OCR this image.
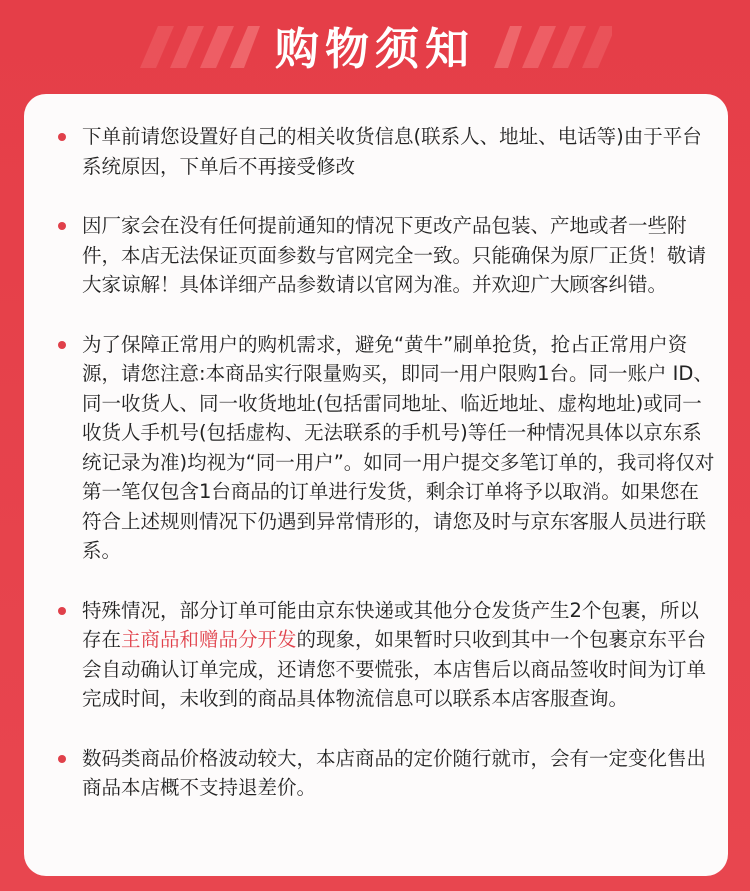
购物须知
下单前请您设置好自己的相关收货信息(联系人、地址、电话等)由于平台系统原因，下单后不再接受修改
因厂家会在没有任何提前通知的情况下更改产品包装、产地或者一些附件，本店无法保证页面参数与官网完全一致。只能确保为原厂正货！敬请大家谅解！具体详细产品参数请以官网为准。并欢迎广大顾客纠错。
为了保障正常用户的购机需求，避免“黄牛”刷单抢货，抢占正常用户资源，请您注意:本商品实行限量购买，即同一用户限购1台。同一账户 ID、同一收货人、同一收货地址(包括雷同地址、临近地址、虚构地址)或同一收货人手机号(包括虚构、无法联系的手机号)等任一种情况具体以京东系统记录为准)均视为“同一用户”。如同一用户提交多笔订单的，我司将仅对第一笔仅包含1台商品的订单进行发货，剩余订单将予以取消。如果您在符合上述规则情况下仍遇到异常情形的，请您及时与京东客服人员进行联系。
特殊情况，部分订单可能由京东快递或其他分仓发货产生2个包裹，所以存在主商品和赠品分开发的现象，如果暂时只收到其中一个包裹京东平台会自动确认订单完成，还请您不要慌张，本店售后以商品签收时间为订单完成时间，未收到的商品具体物流信息可以联系本店客服查询。
数码类商品价格波动较大，本店商品的定价随行就市，会有一定变化售出商品本店概不支持退差价。
